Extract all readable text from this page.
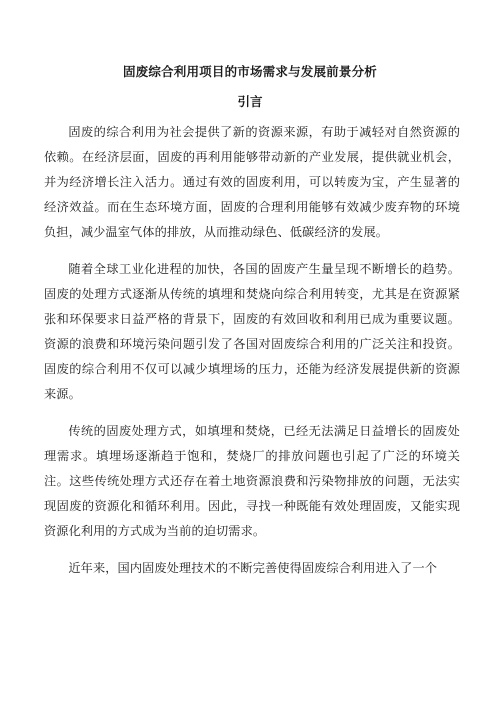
固废综合利用项目的市场需求与发展前景分析
引言

固废的综合利用为社会提供了新的资源来源，有助于减轻对自然资源的依赖。在经济层面，固废的再利用能够带动新的产业发展，提供就业机会，并为经济增长注入活力。通过有效的固废利用，可以转废为宝，产生显著的经济效益。而在生态环境方面，固废的合理利用能够有效减少废弃物的环境负担，减少温室气体的排放，从而推动绿色、低碳经济的发展。

随着全球工业化进程的加快，各国的固废产生量呈现不断增长的趋势。固废的处理方式逐渐从传统的填埋和焚烧向综合利用转变，尤其是在资源紧张和环保要求日益严格的背景下，固废的有效回收和利用已成为重要议题。资源的浪费和环境污染问题引发了各国对固废综合利用的广泛关注和投资。固废的综合利用不仅可以减少填埋场的压力，还能为经济发展提供新的资源来源。

传统的固废处理方式，如填埋和焚烧，已经无法满足日益增长的固废处理需求。填埋场逐渐趋于饱和，焚烧厂的排放问题也引起了广泛的环境关注。这些传统处理方式还存在着土地资源浪费和污染物排放的问题，无法实现固废的资源化和循环利用。因此，寻找一种既能有效处理固废，又能实现资源化利用的方式成为当前的迫切需求。

近年来，国内固废处理技术的不断完善使得固废综合利用进入了一个
